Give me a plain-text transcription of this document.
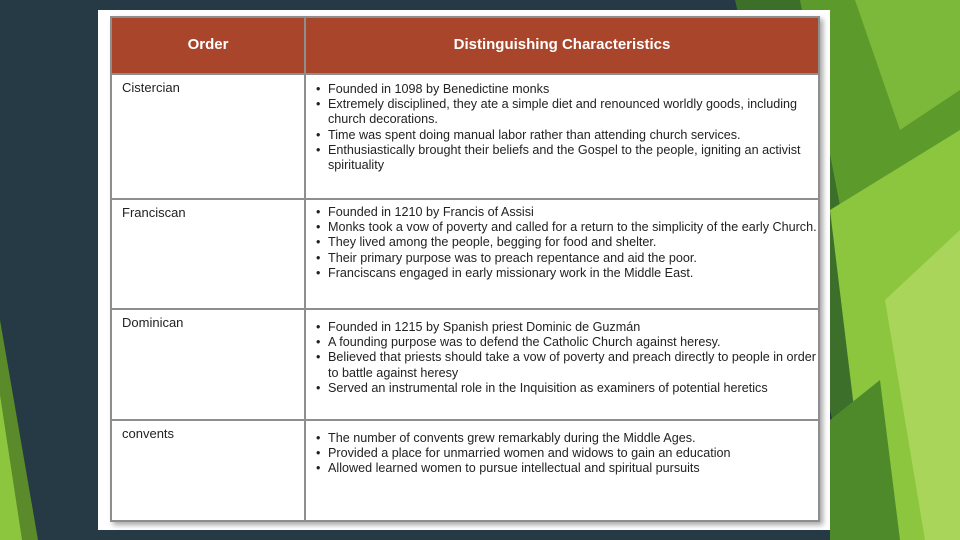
Order	Distinguishing Characteristics
Cistercian	• Founded in 1098 by Benedictine monks
• Extremely disciplined, they ate a simple diet and renounced worldly goods, including church decorations.
• Time was spent doing manual labor rather than attending church services.
• Enthusiastically brought their beliefs and the Gospel to the people, igniting an activist spirituality
Franciscan	• Founded in 1210 by Francis of Assisi
• Monks took a vow of poverty and called for a return to the simplicity of the early Church.
• They lived among the people, begging for food and shelter.
• Their primary purpose was to preach repentance and aid the poor.
• Franciscans engaged in early missionary work in the Middle East.
Dominican	• Founded in 1215 by Spanish priest Dominic de Guzmán
• A founding purpose was to defend the Catholic Church against heresy.
• Believed that priests should take a vow of poverty and preach directly to people in order to battle against heresy
• Served an instrumental role in the Inquisition as examiners of potential heretics
convents	• The number of convents grew remarkably during the Middle Ages.
• Provided a place for unmarried women and widows to gain an education
• Allowed learned women to pursue intellectual and spiritual pursuits
